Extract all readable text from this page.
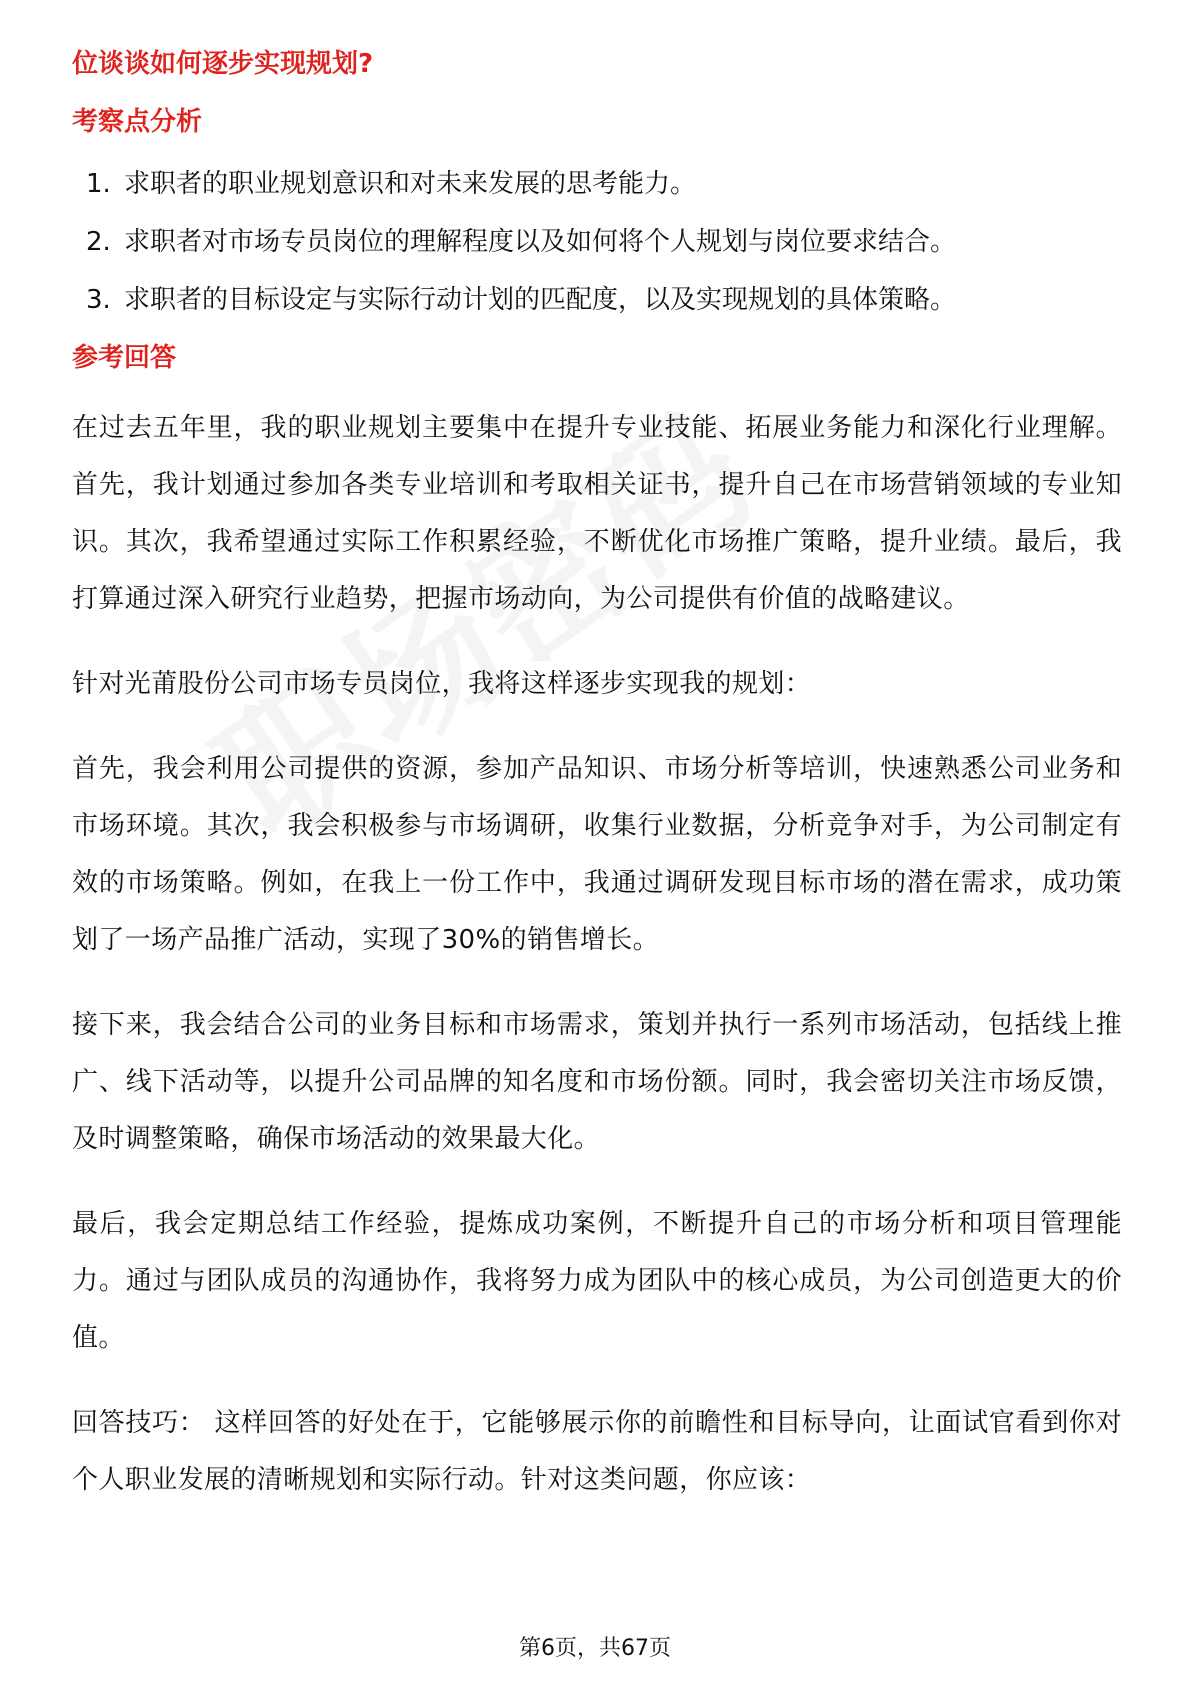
位谈谈如何逐步实现规划?
考察点分析
1. 求职者的职业规划意识和对未来发展的思考能力。
2. 求职者对市场专员岗位的理解程度以及如何将个人规划与岗位要求结合。
3. 求职者的目标设定与实际行动计划的匹配度，以及实现规划的具体策略。
参考回答

在过去五年里，我的职业规划主要集中在提升专业技能、拓展业务能力和深化行业理解。首先，我计划通过参加各类专业培训和考取相关证书，提升自己在市场营销领域的专业知识。其次，我希望通过实际工作积累经验，不断优化市场推广策略，提升业绩。最后，我打算通过深入研究行业趋势，把握市场动向，为公司提供有价值的战略建议。

针对光莆股份公司市场专员岗位，我将这样逐步实现我的规划：

首先，我会利用公司提供的资源，参加产品知识、市场分析等培训，快速熟悉公司业务和市场环境。其次，我会积极参与市场调研，收集行业数据，分析竞争对手，为公司制定有效的市场策略。例如，在我上一份工作中，我通过调研发现目标市场的潜在需求，成功策划了一场产品推广活动，实现了30%的销售增长。

接下来，我会结合公司的业务目标和市场需求，策划并执行一系列市场活动，包括线上推广、线下活动等，以提升公司品牌的知名度和市场份额。同时，我会密切关注市场反馈，及时调整策略，确保市场活动的效果最大化。

最后，我会定期总结工作经验，提炼成功案例，不断提升自己的市场分析和项目管理能力。通过与团队成员的沟通协作，我将努力成为团队中的核心成员，为公司创造更大的价值。

回答技巧： 这样回答的好处在于，它能够展示你的前瞻性和目标导向，让面试官看到你对个人职业发展的清晰规划和实际行动。针对这类问题，你应该：

第6页，共67页
